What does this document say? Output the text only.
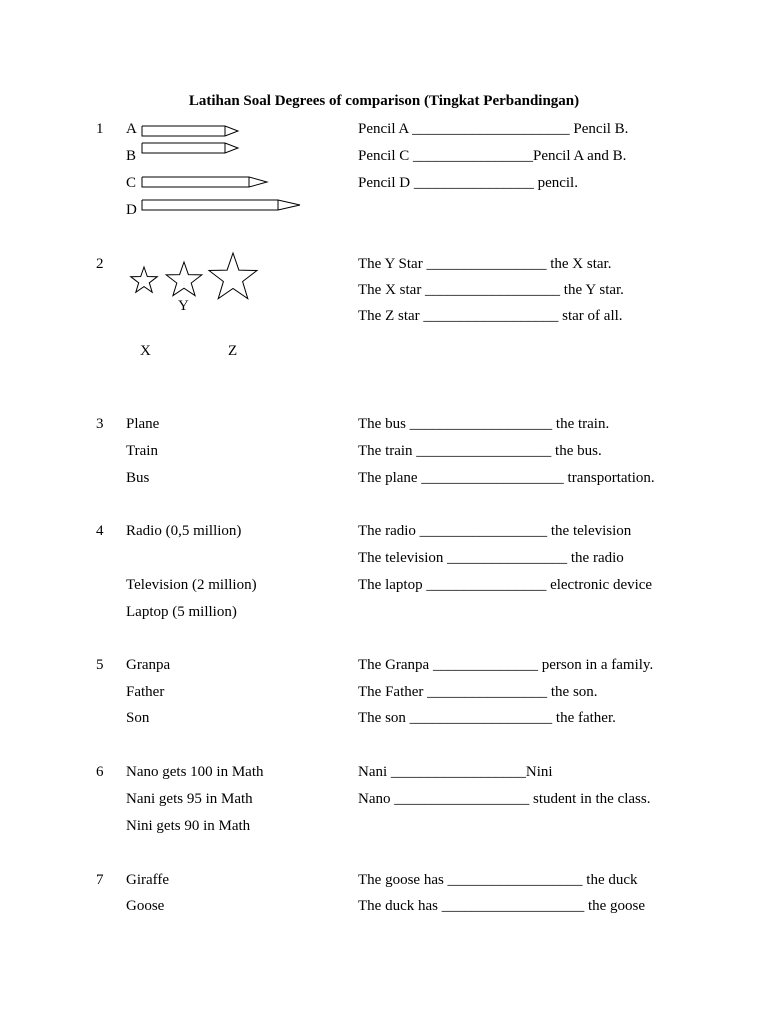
Latihan Soal Degrees of comparison (Tingkat Perbandingan)
1 A
B
C
D
Pencil A _____________________ Pencil B.
Pencil C ________________Pencil A and B.
Pencil D ________________ pencil.
2
Y
X	Z
The Y Star ________________ the X star.
The X star __________________ the Y star.
The Z star __________________ star of all.
3 Plane
Train
Bus
The bus ___________________ the train.
The train __________________ the bus.
The plane ___________________ transportation.
4 Radio (0,5 million)
Television (2 million)
Laptop (5 million)
The radio _________________ the television
The television ________________ the radio
The laptop ________________ electronic device
5 Granpa
Father
Son
The Granpa ______________ person in a family.
The Father ________________ the son.
The son ___________________ the father.
6 Nano gets 100 in Math
Nani gets 95 in Math
Nini gets 90 in Math
Nani __________________Nini
Nano __________________ student in the class.
7 Giraffe
Goose
The goose has __________________ the duck
The duck has ___________________ the goose
